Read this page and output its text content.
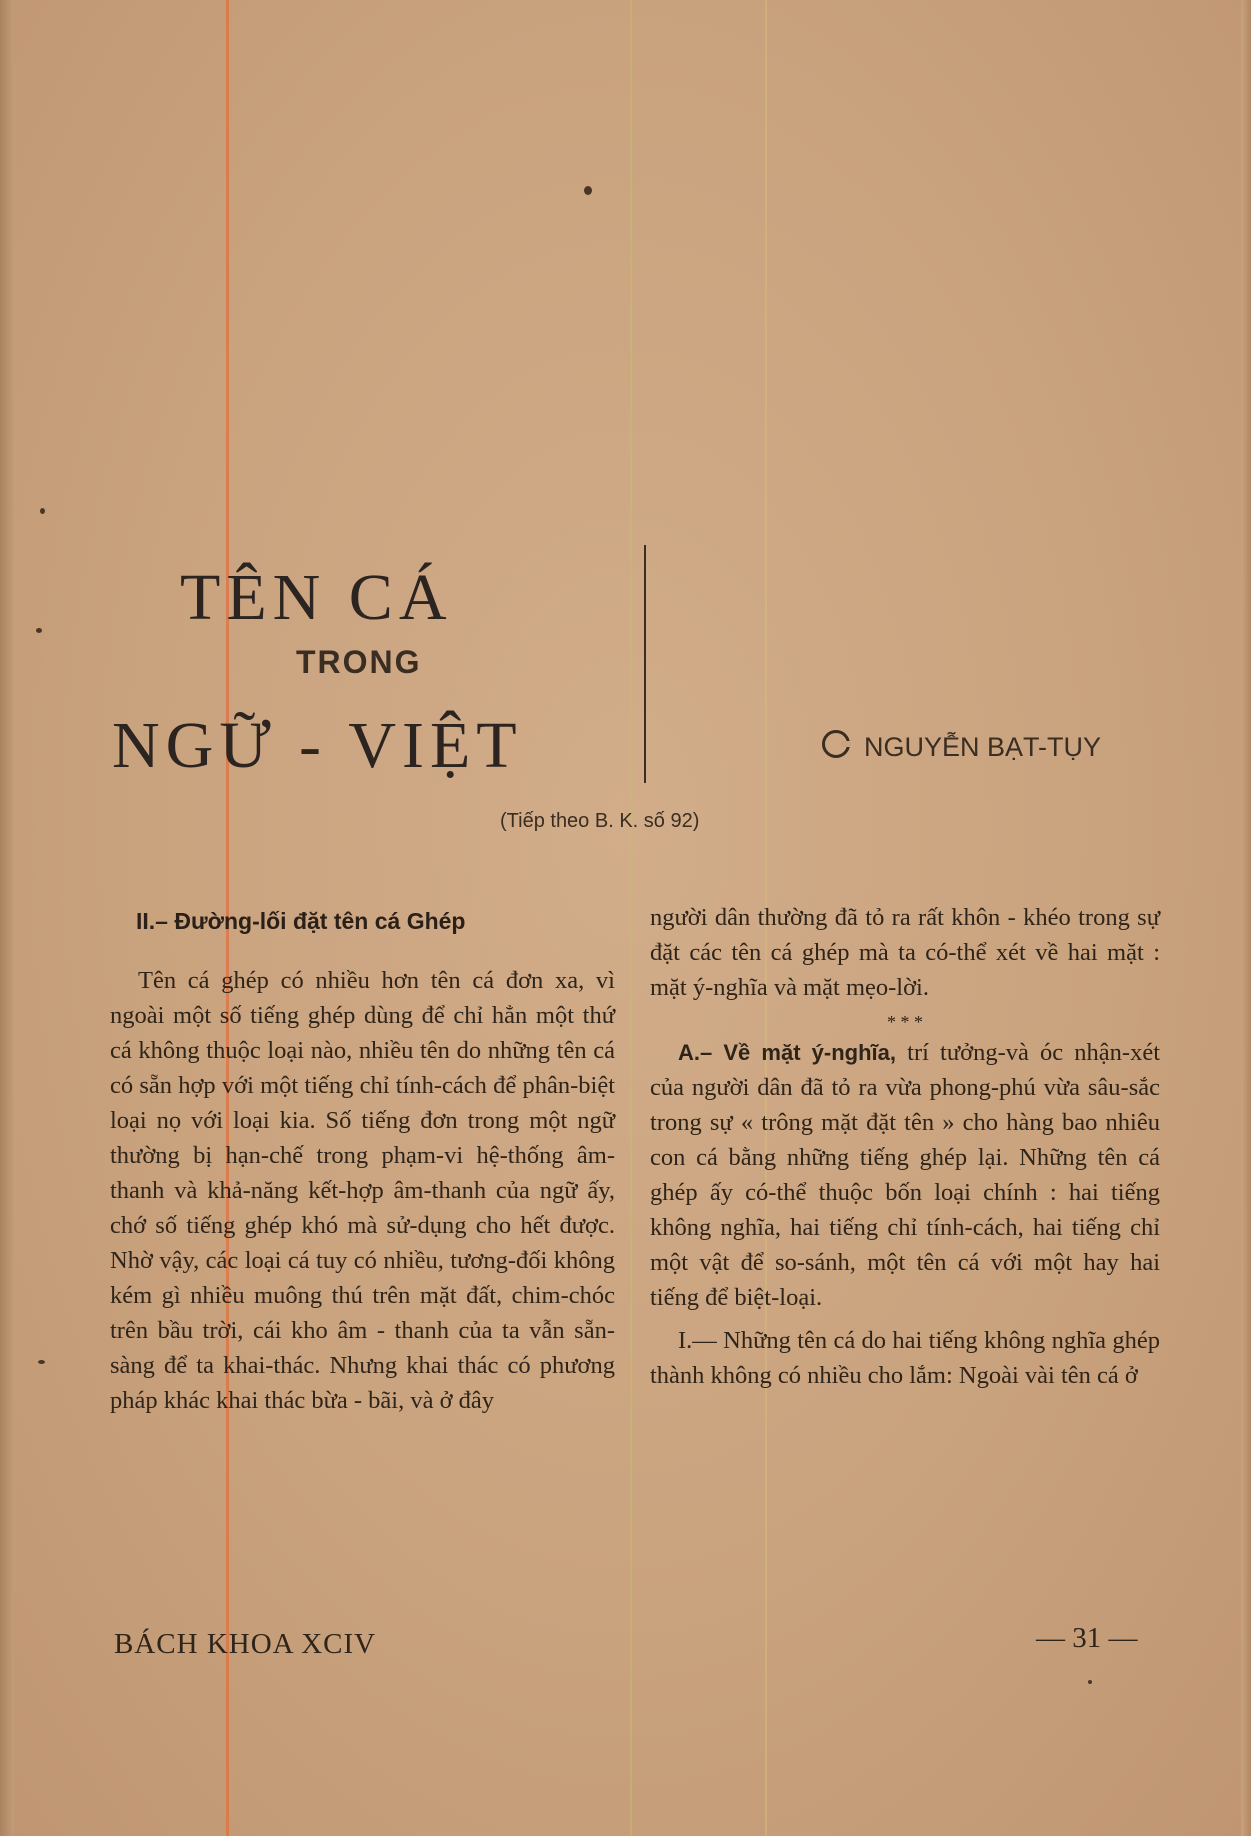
TÊN CÁ
TRONG
NGỮ - VIỆT	NGUYỄN BẠT-TỤY
(Tiếp theo B. K. số 92)
II.– Đường-lối đặt tên cá Ghép

Tên cá ghép có nhiều hơn tên cá đơn xa, vì ngoài một số tiếng ghép dùng để chỉ hẳn một thứ cá không thuộc loại nào, nhiều tên do những tên cá có sẵn hợp với một tiếng chỉ tính-cách để phân-biệt loại nọ với loại kia. Số tiếng đơn trong một ngữ thường bị hạn-chế trong phạm-vi hệ-thống âm-thanh và khả-năng kết-hợp âm-thanh của ngữ ấy, chớ số tiếng ghép khó mà sử-dụng cho hết được. Nhờ vậy, các loại cá tuy có nhiều, tương-đối không kém gì nhiều muông thú trên mặt đất, chim-chóc trên bầu trời, cái kho âm - thanh của ta vẫn sẵn-sàng để ta khai-thác. Nhưng khai thác có phương pháp khác khai thác bừa - bãi, và ở đây

người dân thường đã tỏ ra rất khôn - khéo trong sự đặt các tên cá ghép mà ta có-thể xét về hai mặt : mặt ý-nghĩa và mặt mẹo-lời.

* * *

A.– Về mặt ý-nghĩa, trí tưởng-và óc nhận-xét của người dân đã tỏ ra vừa phong-phú vừa sâu-sắc trong sự « trông mặt đặt tên » cho hàng bao nhiêu con cá bằng những tiếng ghép lại. Những tên cá ghép ấy có-thể thuộc bốn loại chính : hai tiếng không nghĩa, hai tiếng chỉ tính-cách, hai tiếng chỉ một vật để so-sánh, một tên cá với một hay hai tiếng để biệt-loại.

I.— Những tên cá do hai tiếng không nghĩa ghép thành không có nhiều cho lắm: Ngoài vài tên cá ở

BÁCH KHOA XCIV	— 31 —
